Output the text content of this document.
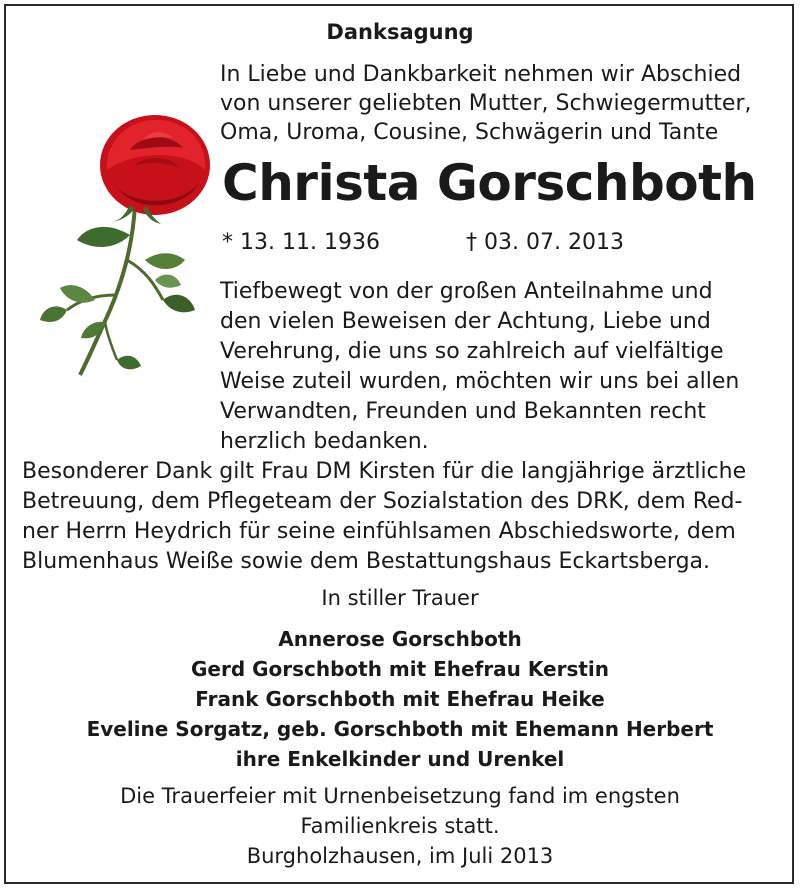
Danksagung
In Liebe und Dankbarkeit nehmen wir Abschied
von unserer geliebten Mutter, Schwiegermutter,
Oma, Uroma, Cousine, Schwägerin und Tante
Christa Gorschboth
* 13. 11. 1936	† 03. 07. 2013
Tiefbewegt von der großen Anteilnahme und
den vielen Beweisen der Achtung, Liebe und
Verehrung, die uns so zahlreich auf vielfältige
Weise zuteil wurden, möchten wir uns bei allen
Verwandten, Freunden und Bekannten recht
herzlich bedanken.
Besonderer Dank gilt Frau DM Kirsten für die langjährige ärztliche
Betreuung, dem Pflegeteam der Sozialstation des DRK, dem Red-
ner Herrn Heydrich für seine einfühlsamen Abschiedsworte, dem
Blumenhaus Weiße sowie dem Bestattungshaus Eckartsberga.
In stiller Trauer
Annerose Gorschboth
Gerd Gorschboth mit Ehefrau Kerstin
Frank Gorschboth mit Ehefrau Heike
Eveline Sorgatz, geb. Gorschboth mit Ehemann Herbert
ihre Enkelkinder und Urenkel
Die Trauerfeier mit Urnenbeisetzung fand im engsten
Familienkreis statt.
Burgholzhausen, im Juli 2013
